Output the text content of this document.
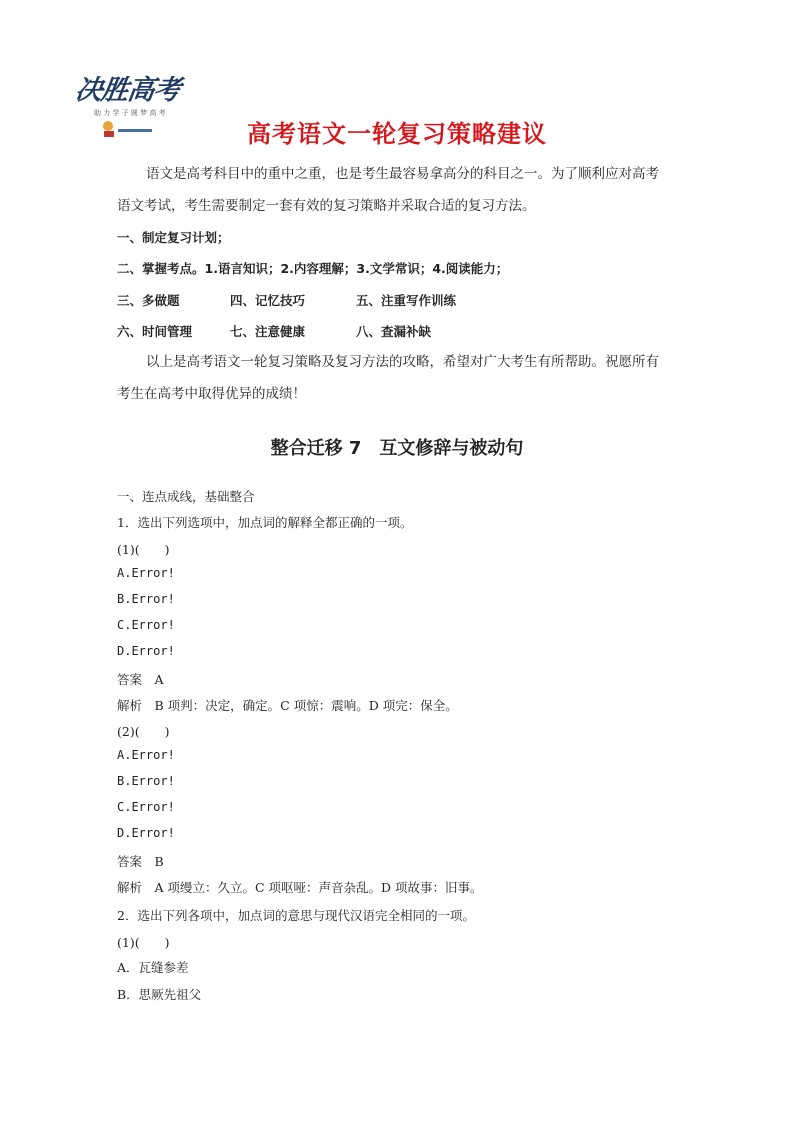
决胜高考
助 力 学 子 圆 梦 高 考
高考语文一轮复习策略建议
语文是高考科目中的重中之重，也是考生最容易拿高分的科目之一。为了顺利应对高考
语文考试，考生需要制定一套有效的复习策略并采取合适的复习方法。
一、制定复习计划；
二、掌握考点。1.语言知识；2.内容理解；3.文学常识；4.阅读能力；
三、多做题	四、记忆技巧	五、注重写作训练
六、时间管理	七、注意健康	八、查漏补缺
以上是高考语文一轮复习策略及复习方法的攻略，希望对广大考生有所帮助。祝愿所有
考生在高考中取得优异的成绩！
整合迁移 7　互文修辞与被动句
一、连点成线，基础整合
1．选出下列选项中，加点词的解释全都正确的一项。
(1)(　　)
A.Error!
B.Error!
C.Error!
D.Error!
答案　A
解析　B 项判：决定，确定。C 项惊：震响。D 项完：保全。
(2)(　　)
A.Error!
B.Error!
C.Error!
D.Error!
答案　B
解析　A 项缦立：久立。C 项呕哑：声音杂乱。D 项故事：旧事。
2．选出下列各项中，加点词的意思与现代汉语完全相同的一项。
(1)(　　)
A．瓦缝参差
B．思厥先祖父
